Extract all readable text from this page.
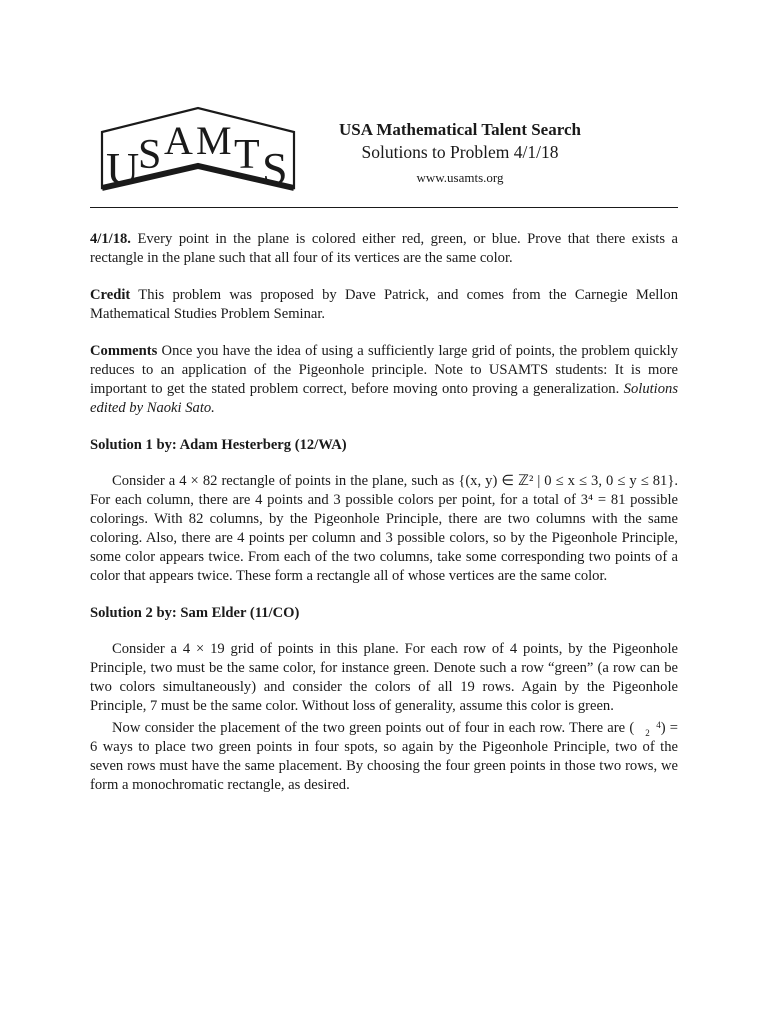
U
S A M T S
USA Mathematical Talent Search
Solutions to Problem 4/1/18
www.usamts.org

4/1/18. Every point in the plane is colored either red, green, or blue. Prove that there exists a rectangle in the plane such that all four of its vertices are the same color.

Credit This problem was proposed by Dave Patrick, and comes from the Carnegie Mellon Mathematical Studies Problem Seminar.

Comments Once you have the idea of using a sufficiently large grid of points, the problem quickly reduces to an application of the Pigeonhole principle. Note to USAMTS students: It is more important to get the stated problem correct, before moving onto proving a generalization. Solutions edited by Naoki Sato.

Solution 1 by: Adam Hesterberg (12/WA)

Consider a 4 × 82 rectangle of points in the plane, such as {(x, y) ∈ ℤ² | 0 ≤ x ≤ 3, 0 ≤ y ≤ 81}. For each column, there are 4 points and 3 possible colors per point, for a total of 3⁴ = 81 possible colorings. With 82 columns, by the Pigeonhole Principle, there are two columns with the same coloring. Also, there are 4 points per column and 3 possible colors, so by the Pigeonhole Principle, some color appears twice. From each of the two columns, take some corresponding two points of a color that appears twice. These form a rectangle all of whose vertices are the same color.

Solution 2 by: Sam Elder (11/CO)

Consider a 4 × 19 grid of points in this plane. For each row of 4 points, by the Pigeonhole Principle, two must be the same color, for instance green. Denote such a row “green” (a row can be two colors simultaneously) and consider the colors of all 19 rows. Again by the Pigeonhole Principle, 7 must be the same color. Without loss of generality, assume this color is green.

Now consider the placement of the two green points out of four in each row. There are ( 4
2 ) = 6 ways to place two green points in four spots, so again by the Pigeonhole Principle, two of the seven rows must have the same placement. By choosing the four green points in those two rows, we form a monochromatic rectangle, as desired.
